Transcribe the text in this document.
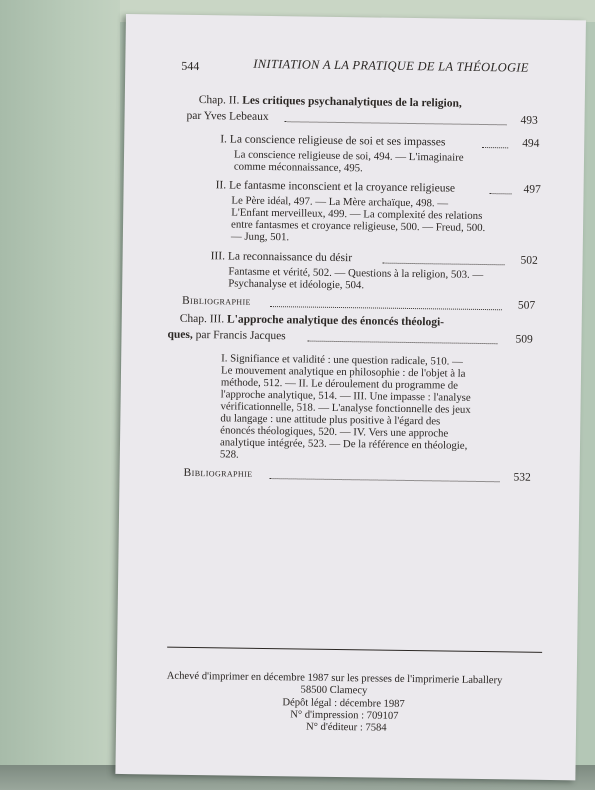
544	INITIATION A LA PRATIQUE DE LA THÉOLOGIE
Chap. II. Les critiques psychanalytiques de la religion,
par Yves Lebeaux	493
I. La conscience religieuse de soi et ses impasses	494
La conscience religieuse de soi, 494. — L'imaginaire
comme méconnaissance, 495.
II. Le fantasme inconscient et la croyance religieuse	497
Le Père idéal, 497. — La Mère archaïque, 498. —
L'Enfant merveilleux, 499. — La complexité des relations
entre fantasmes et croyance religieuse, 500. — Freud, 500.
— Jung, 501.
III. La reconnaissance du désir	502
Fantasme et vérité, 502. — Questions à la religion, 503. —
Psychanalyse et idéologie, 504.
Bibliographie	507
Chap. III. L'approche analytique des énoncés théologi-
ques, par Francis Jacques	509
I. Signifiance et validité : une question radicale, 510. —
Le mouvement analytique en philosophie : de l'objet à la
méthode, 512. — II. Le déroulement du programme de
l'approche analytique, 514. — III. Une impasse : l'analyse
vérificationnelle, 518. — L'analyse fonctionnelle des jeux
du langage : une attitude plus positive à l'égard des
énoncés théologiques, 520. — IV. Vers une approche
analytique intégrée, 523. — De la référence en théologie,
528.
Bibliographie	532
Achevé d'imprimer en décembre 1987 sur les presses de l'imprimerie Laballery
58500 Clamecy
Dépôt légal : décembre 1987
N° d'impression : 709107
N° d'éditeur : 7584
